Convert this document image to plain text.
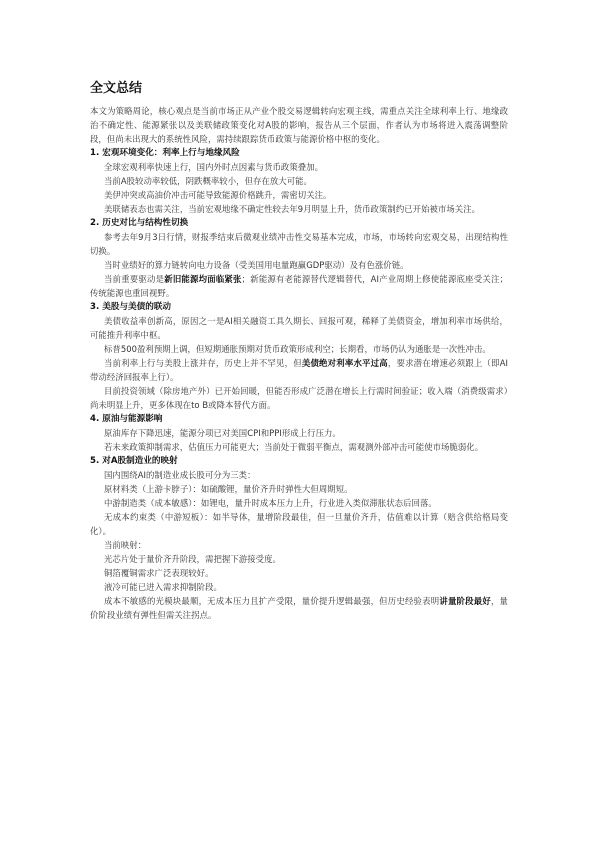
全文总结

本文为策略周论，核心观点是当前市场正从产业个股交易逻辑转向宏观主线，需重点关注全球利率上行、地缘政治不确定性、能源紧张以及美联储政策变化对A股的影响，报告从三个层面，作者认为市场将进入震荡调整阶段，但尚未出现大的系统性风险，需持续跟踪货币政策与能源价格中枢的变化。

1. 宏观环境变化：利率上行与地缘风险

全球宏观利率快速上行，国内外时点因素与货币政策叠加。

当前A股较动率较低，阴跌概率较小，但存在放大可能。

美伊冲突或高油价冲击可能导致能源价格跳升，需密切关注。

美联储表态也需关注，当前宏观地缘不确定性较去年9月明显上升，货币政策制约已开始被市场关注。

2. 历史对比与结构性切换

参考去年9月3日行情，财报季结束后微观业绩冲击性交易基本完成，市场，市场转向宏观交易，出现结构性切换。

当时业绩好的算力链转向电力设备（受美国用电量跑赢GDP驱动）及有色涨价链。

当前重要驱动是新旧能源均面临紧张；新能源有老能源替代逻辑替代，AI产业周期上修使能源底座受关注；传统能源也重回视野。

3. 美股与美债的联动

美债收益率创新高，原因之一是AI相关融资工具久期长、回报可观，稀释了美债资金，增加利率市场供给，可能推升利率中枢。

标普500盈利预期上调，但短期通胀预期对货币政策形成利空；长期看，市场仍认为通胀是一次性冲击。

当前利率上行与美股上涨并存，历史上并不罕见，但美债绝对利率水平过高，要求潜在增速必须跟上（即AI带动经济回报率上行）。

目前投资领域（除房地产外）已开始回暖，但能否形成广泛潜在增长上行需时间验证；收入端（消费级需求）尚未明显上升，更多体现在to B或降本替代方面。

4. 原油与能源影响

原油库存下降迅速，能源分项已对美国CPI和PPI形成上行压力。

若未来政策抑制需求，估值压力可能更大；当前处于微弱平衡点，需观测外部冲击可能使市场脆弱化。

5. 对A股制造业的映射

国内围绕AI的制造业成长股可分为三类：

原材料类（上游卡脖子）：如硫酸锂，量价齐升时弹性大但周期短。

中游制造类（成本敏感）：如锂电，量升时成本压力上升，行业进入类似滞胀状态后回落。

无成本约束类（中游短板）：如半导体，量增阶段最佳，但一旦量价齐升，估值难以计算（赔含供给格局变化）。

当前映射：

光芯片处于量价齐升阶段，需把握下游接受度。

铜箔覆铜需求广泛表现较好。

液冷可能已进入需求抑制阶段。

成本不敏感的光模块最顺，无成本压力且扩产受限，量价提升逻辑最强，但历史经验表明讲量阶段最好，量价阶段业绩有弹性但需关注拐点。
